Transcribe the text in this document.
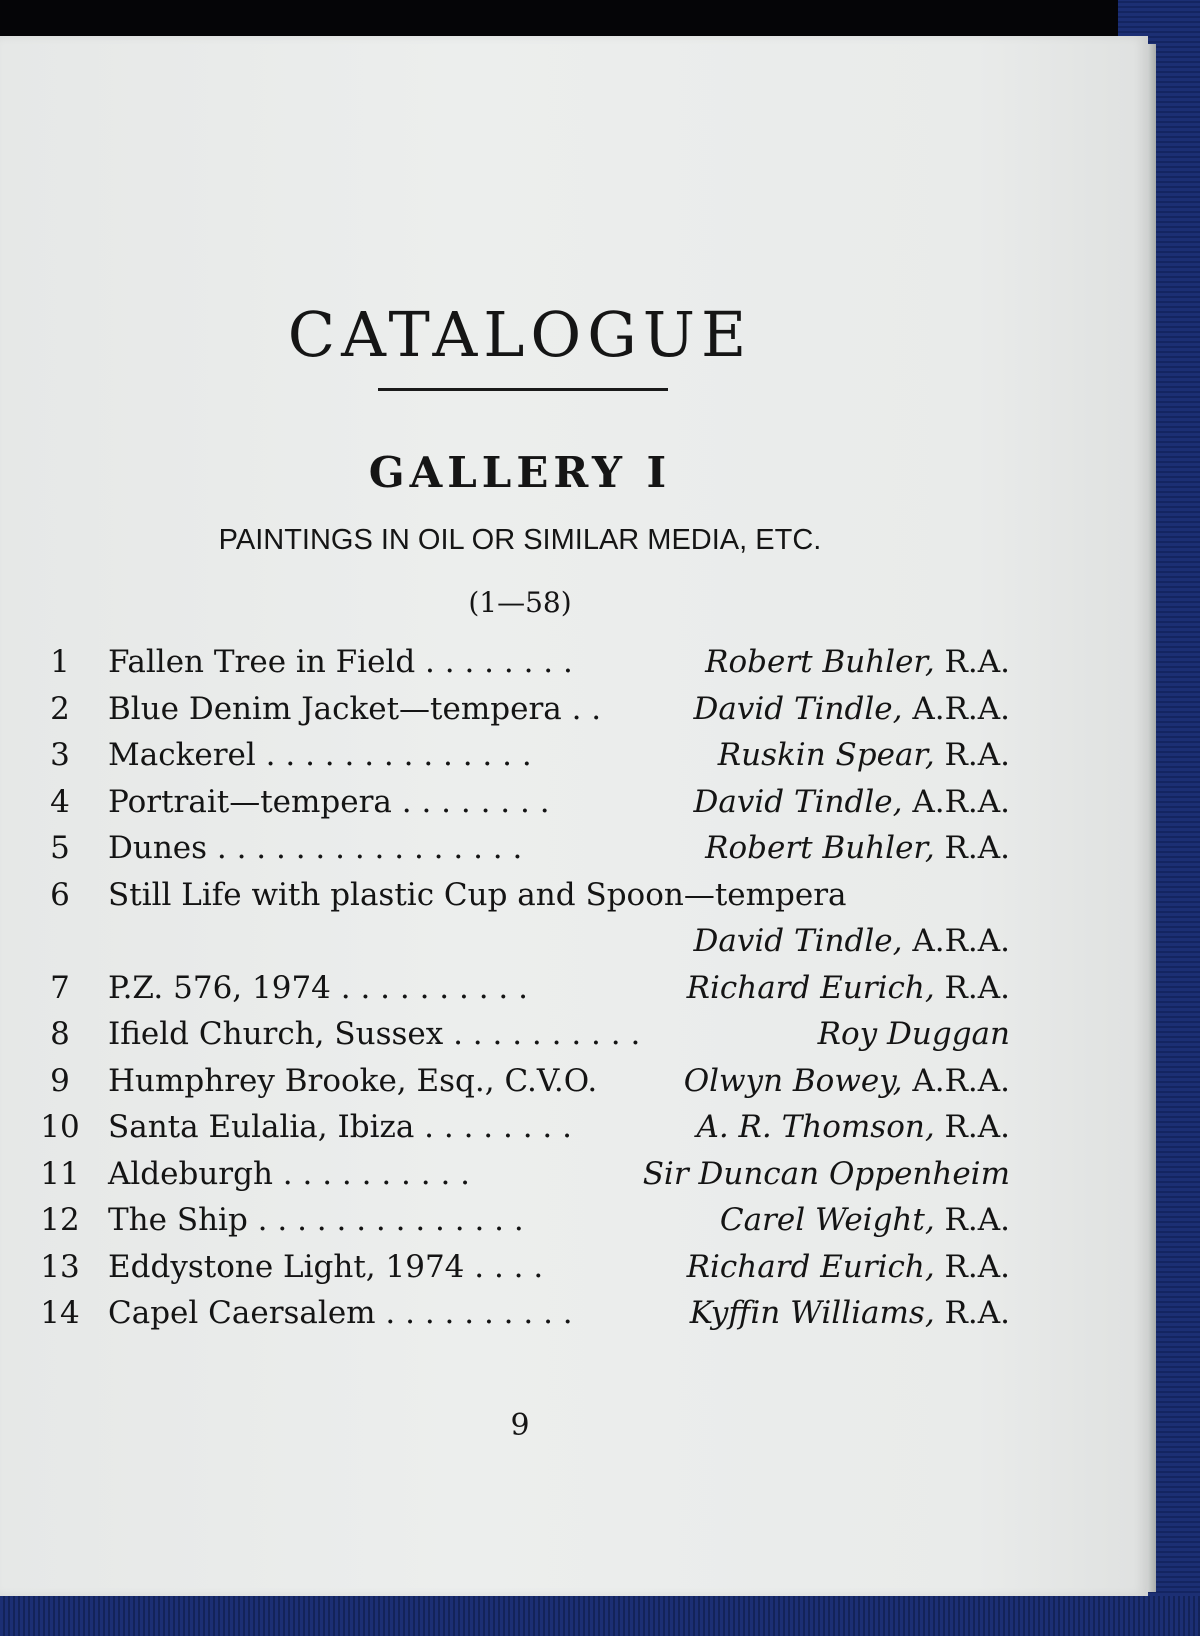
CATALOGUE
GALLERY I
PAINTINGS IN OIL OR SIMILAR MEDIA, ETC.
(1—58)
1	Fallen Tree in Field . . . . . . . .	Robert Buhler, R.A.
2	Blue Denim Jacket—tempera . .	David Tindle, A.R.A.
3	Mackerel . . . . . . . . . . . . . .	Ruskin Spear, R.A.
4	Portrait—tempera . . . . . . . .	David Tindle, A.R.A.
5	Dunes . . . . . . . . . . . . . . . .	Robert Buhler, R.A.
6	Still Life with plastic Cup and Spoon—tempera
David Tindle, A.R.A.
7	P.Z. 576, 1974 . . . . . . . . . .	Richard Eurich, R.A.
8	Ifield Church, Sussex . . . . . . . . . .	Roy Duggan
9	Humphrey Brooke, Esq., C.V.O.	Olwyn Bowey, A.R.A.
10 Santa Eulalia, Ibiza . . . . . . . .	A. R. Thomson, R.A.
11 Aldeburgh . . . . . . . . . .	Sir Duncan Oppenheim
12 The Ship . . . . . . . . . . . . . .	Carel Weight, R.A.
13 Eddystone Light, 1974 . . . .	Richard Eurich, R.A.
14 Capel Caersalem . . . . . . . . . .	Kyffin Williams, R.A.
9
